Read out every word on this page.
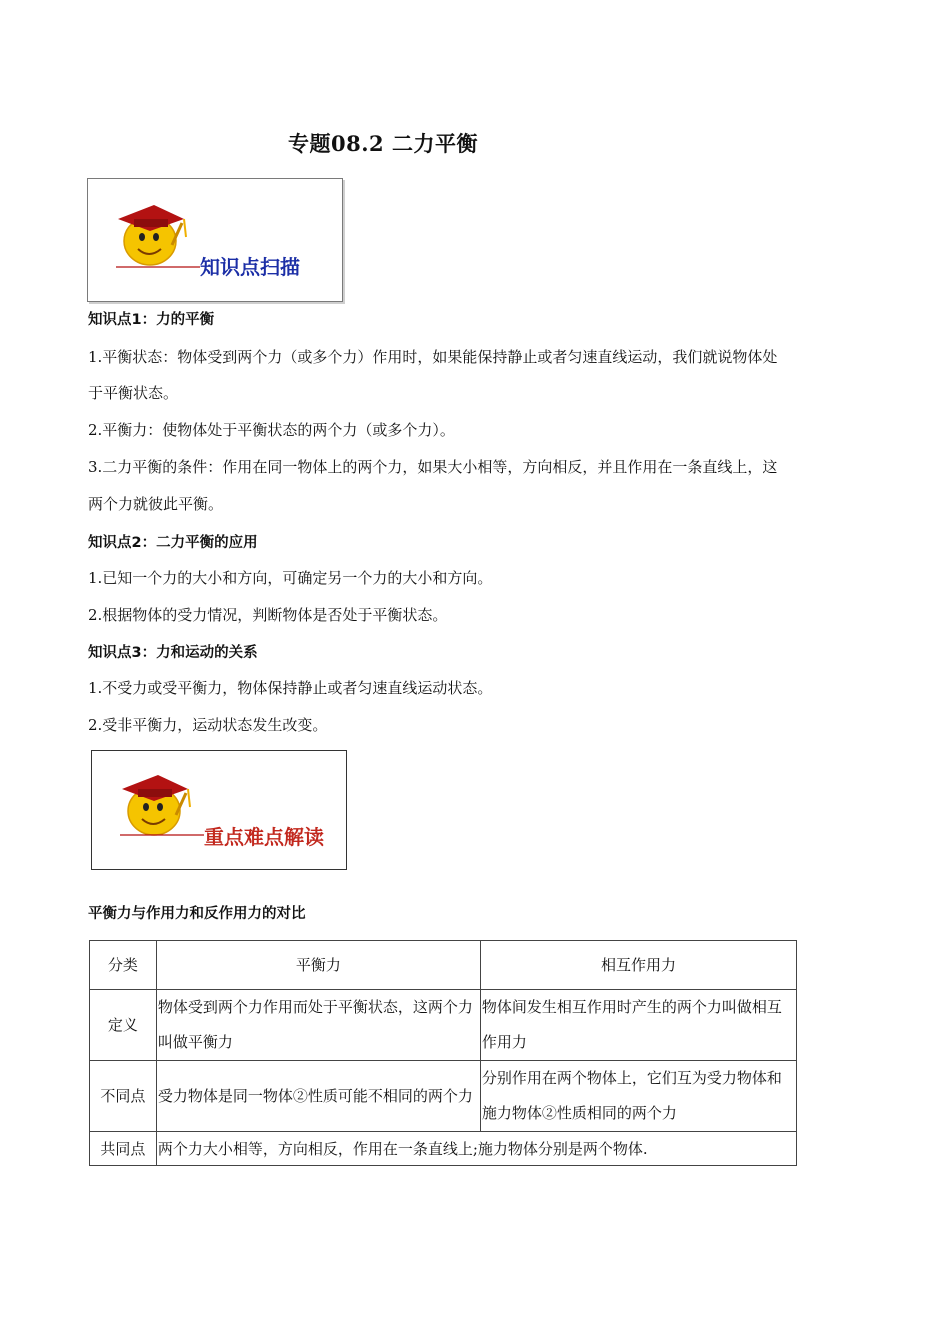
专题08.2 二力平衡
知识点扫描
知识点1：力的平衡
1.平衡状态：物体受到两个力（或多个力）作用时，如果能保持静止或者匀速直线运动，我们就说物体处
于平衡状态。
2.平衡力：使物体处于平衡状态的两个力（或多个力）。
3.二力平衡的条件：作用在同一物体上的两个力，如果大小相等，方向相反，并且作用在一条直线上，这
两个力就彼此平衡。
知识点2：二力平衡的应用
1.已知一个力的大小和方向，可确定另一个力的大小和方向。
2.根据物体的受力情况，判断物体是否处于平衡状态。
知识点3：力和运动的关系
1.不受力或受平衡力，物体保持静止或者匀速直线运动状态。
2.受非平衡力，运动状态发生改变。
重点难点解读
平衡力与作用力和反作用力的对比
分类	平衡力	相互作用力
定义	物体受到两个力作用而处于平衡状态，这两个力叫做平衡力	物体间发生相互作用时产生的两个力叫做相互作用力
不同点	受力物体是同一物体②性质可能不相同的两个力	分别作用在两个物体上，它们互为受力物体和施力物体②性质相同的两个力
共同点	两个力大小相等，方向相反，作用在一条直线上;施力物体分别是两个物体.	
